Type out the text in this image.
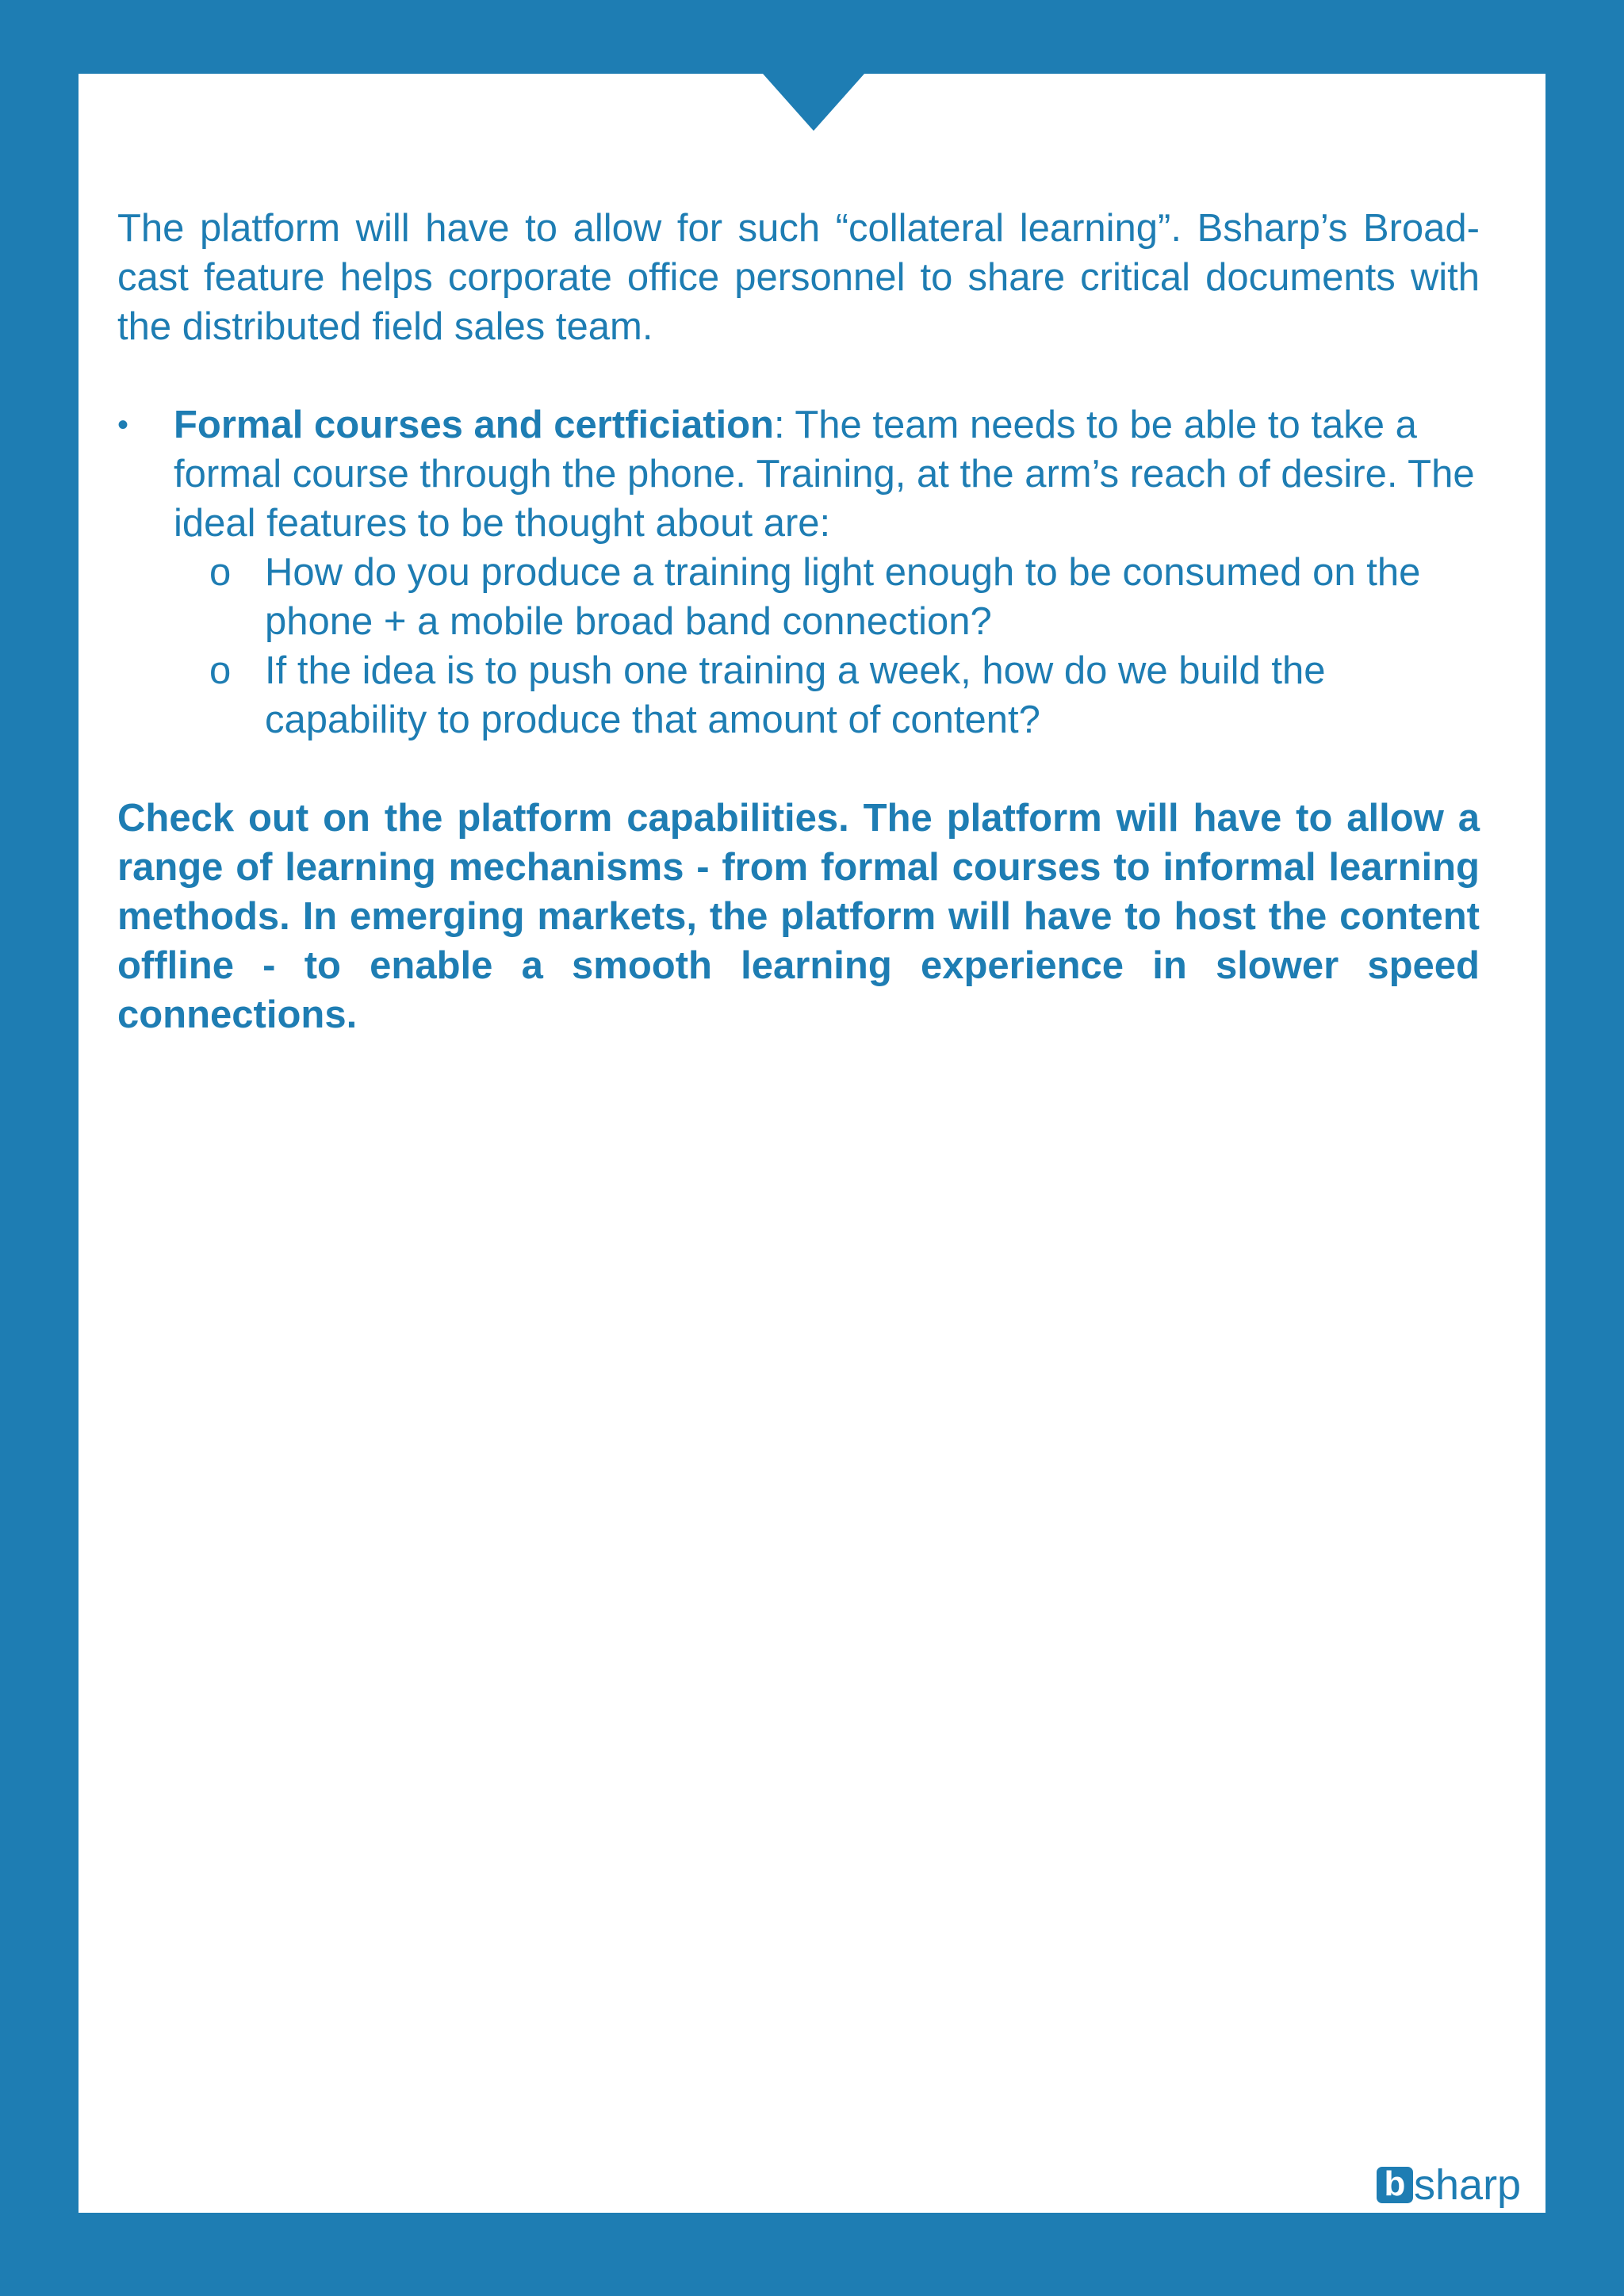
The platform will have to allow for such “collateral learning”. Bsharp’s Broad-cast feature helps corporate office personnel to share critical documents with the distributed field sales team.

•	Formal courses and certficiation: The team needs to be able to take a formal course through the phone. Training, at the arm’s reach of desire. The ideal features to be thought about are:
o How do you produce a training light enough to be consumed on the phone + a mobile broad band connection?
o If the idea is to push one training a week, how do we build the capability to produce that amount of content?

Check out on the platform capabilities. The platform will have to allow a range of learning mechanisms - from formal courses to informal learning methods. In emerging markets, the platform will have to host the content offline - to enable a smooth learning experience in slower speed connections.

b sharp
